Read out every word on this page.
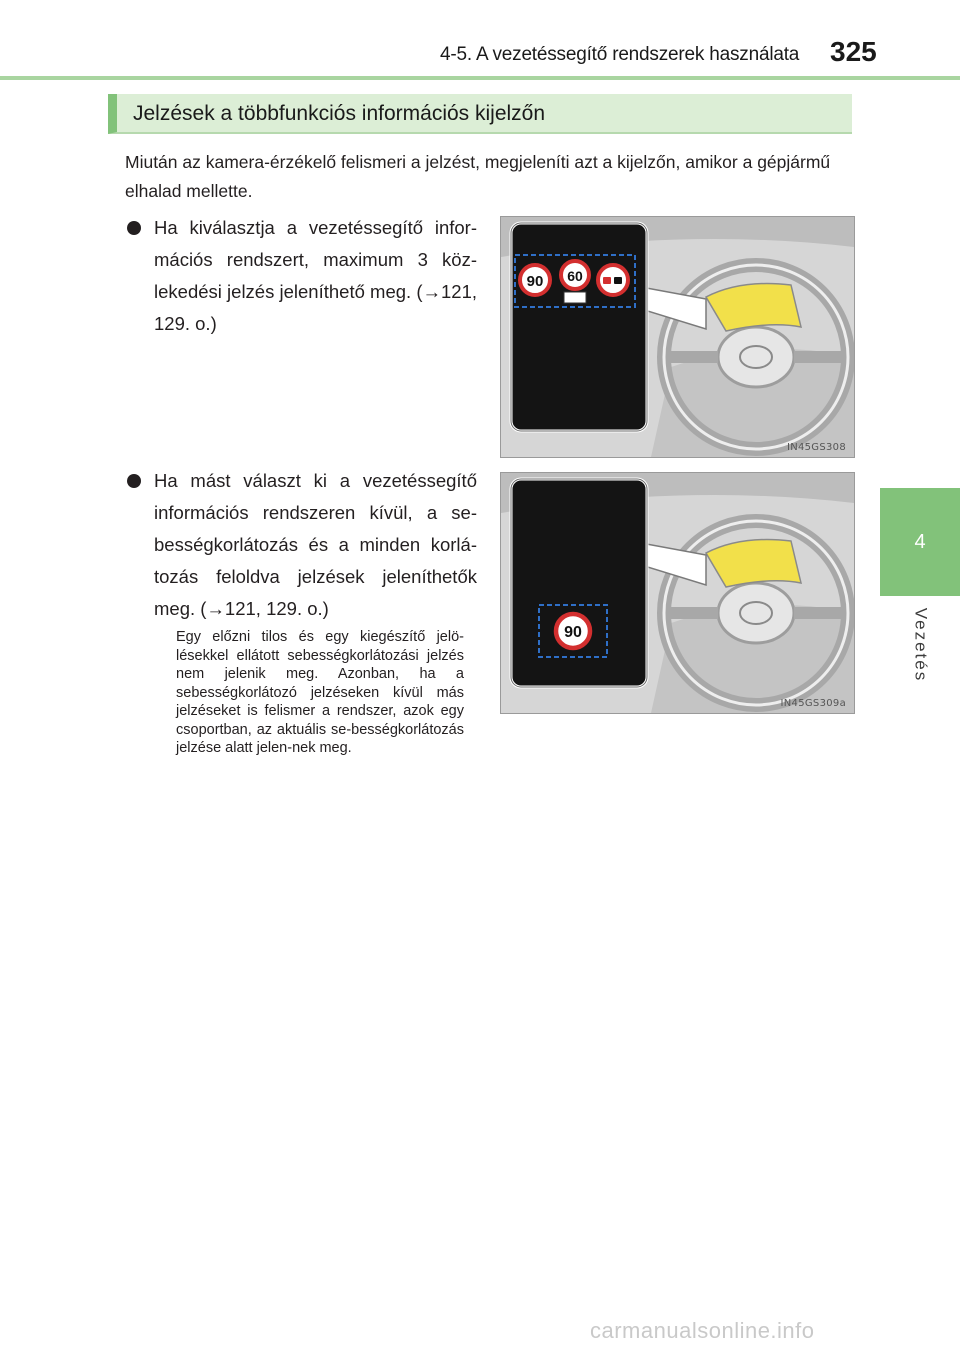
4-5. A vezetéssegítő rendszerek használata 325
4
Vezetés
Jelzések a többfunkciós információs kijelzőn
Miután az kamera-érzékelő felismeri a jelzést, megjeleníti azt a kijelzőn, amikor a gépjármű elhalad mellette.
Ha kiválasztja a vezetéssegítő infor-mációs rendszert, maximum 3 köz-lekedési jelzés jeleníthető meg. (→121, 129. o.)
Ha mást választ ki a vezetéssegítő információs rendszeren kívül, a se-bességkorlátozás és a minden korlá-tozás feloldva jelzések jeleníthetők meg. (→121, 129. o.)
Egy előzni tilos és egy kiegészítő jelö-lésekkel ellátott sebességkorlátozási jelzés nem jelenik meg. Azonban, ha a sebességkorlátozó jelzéseken kívül más jelzéseket is felismer a rendszer, azok egy csoportban, az aktuális se-bességkorlátozás jelzése alatt jelen-nek meg.
90 60
IN45GS308
90
IN45GS309a
carmanualsonline.info
